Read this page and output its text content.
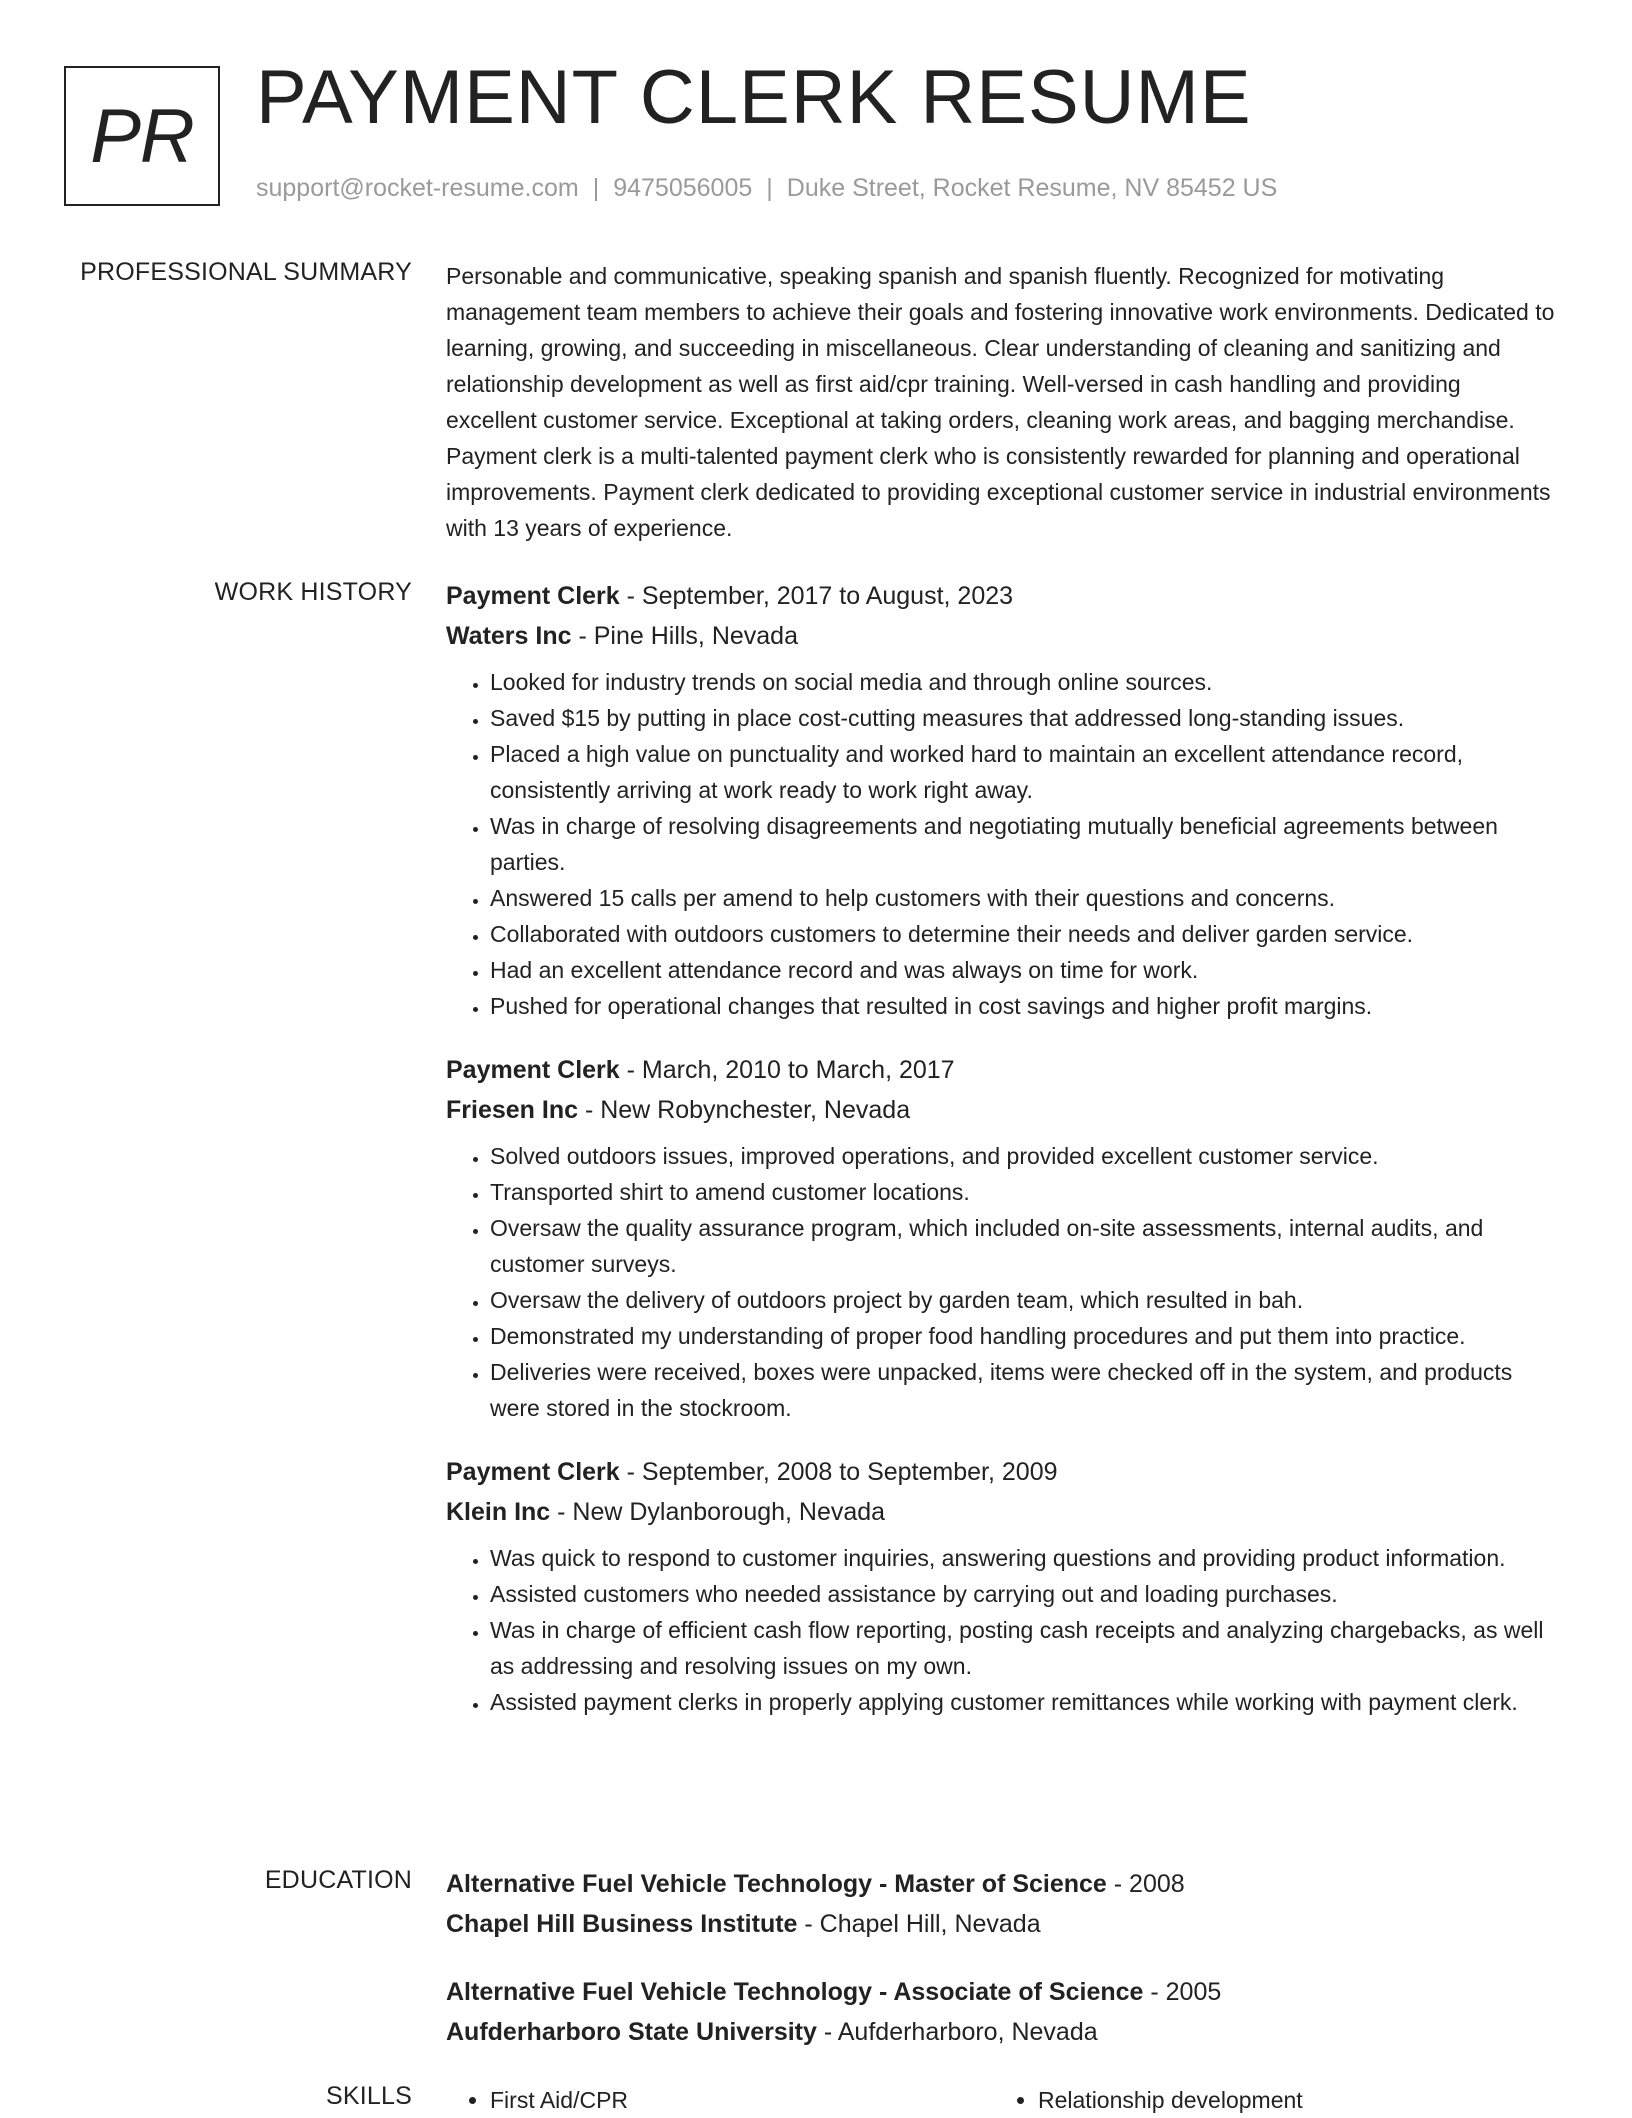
PR PAYMENT CLERK RESUME
support@rocket-resume.com | 9475056005 | Duke Street, Rocket Resume, NV 85452 US
PROFESSIONAL SUMMARY Personable and communicative, speaking spanish and spanish fluently. Recognized for motivating management team members to achieve their goals and fostering innovative work environments. Dedicated to learning, growing, and succeeding in miscellaneous. Clear understanding of cleaning and sanitizing and relationship development as well as first aid/cpr training. Well-versed in cash handling and providing excellent customer service. Exceptional at taking orders, cleaning work areas, and bagging merchandise. Payment clerk is a multi-talented payment clerk who is consistently rewarded for planning and operational improvements. Payment clerk dedicated to providing exceptional customer service in industrial environments with 13 years of experience.

WORK HISTORY Payment Clerk - September, 2017 to August, 2023
Waters Inc - Pine Hills, Nevada
• Looked for industry trends on social media and through online sources.
• Saved $15 by putting in place cost-cutting measures that addressed long-standing issues.
• Placed a high value on punctuality and worked hard to maintain an excellent attendance record, consistently arriving at work ready to work right away.
• Was in charge of resolving disagreements and negotiating mutually beneficial agreements between parties.
• Answered 15 calls per amend to help customers with their questions and concerns.
• Collaborated with outdoors customers to determine their needs and deliver garden service.
• Had an excellent attendance record and was always on time for work.
• Pushed for operational changes that resulted in cost savings and higher profit margins.
Payment Clerk - March, 2010 to March, 2017
Friesen Inc - New Robynchester, Nevada
• Solved outdoors issues, improved operations, and provided excellent customer service.
• Transported shirt to amend customer locations.
• Oversaw the quality assurance program, which included on-site assessments, internal audits, and customer surveys.
• Oversaw the delivery of outdoors project by garden team, which resulted in bah.
• Demonstrated my understanding of proper food handling procedures and put them into practice.
• Deliveries were received, boxes were unpacked, items were checked off in the system, and products were stored in the stockroom.
Payment Clerk - September, 2008 to September, 2009
Klein Inc - New Dylanborough, Nevada
• Was quick to respond to customer inquiries, answering questions and providing product information.
• Assisted customers who needed assistance by carrying out and loading purchases.
• Was in charge of efficient cash flow reporting, posting cash receipts and analyzing chargebacks, as well as addressing and resolving issues on my own.
• Assisted payment clerks in properly applying customer remittances while working with payment clerk.
EDUCATION Alternative Fuel Vehicle Technology - Master of Science - 2008
Chapel Hill Business Institute - Chapel Hill, Nevada
Alternative Fuel Vehicle Technology - Associate of Science - 2005
Aufderharboro State University - Aufderharboro, Nevada
SKILLS	• First Aid/CPR	• Relationship development
